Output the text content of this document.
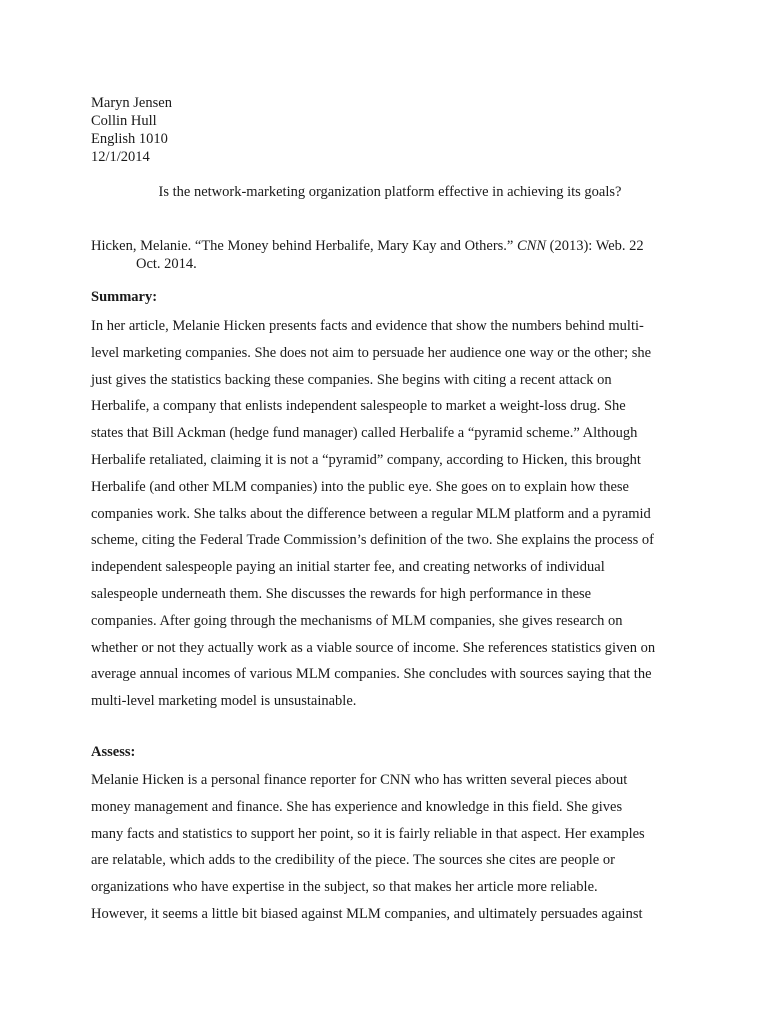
Maryn Jensen
Collin Hull
English 1010
12/1/2014
Is the network-marketing organization platform effective in achieving its goals?
Hicken, Melanie. “The Money behind Herbalife, Mary Kay and Others.” CNN (2013): Web. 22
Oct. 2014.
Summary:
In her article, Melanie Hicken presents facts and evidence that show the numbers behind multi-
level marketing companies. She does not aim to persuade her audience one way or the other; she
just gives the statistics backing these companies. She begins with citing a recent attack on
Herbalife, a company that enlists independent salespeople to market a weight-loss drug. She
states that Bill Ackman (hedge fund manager) called Herbalife a “pyramid scheme.” Although
Herbalife retaliated, claiming it is not a “pyramid” company, according to Hicken, this brought
Herbalife (and other MLM companies) into the public eye. She goes on to explain how these
companies work. She talks about the difference between a regular MLM platform and a pyramid
scheme, citing the Federal Trade Commission’s definition of the two. She explains the process of
independent salespeople paying an initial starter fee, and creating networks of individual
salespeople underneath them. She discusses the rewards for high performance in these
companies. After going through the mechanisms of MLM companies, she gives research on
whether or not they actually work as a viable source of income. She references statistics given on
average annual incomes of various MLM companies. She concludes with sources saying that the
multi-level marketing model is unsustainable.
Assess:
Melanie Hicken is a personal finance reporter for CNN who has written several pieces about
money management and finance. She has experience and knowledge in this field. She gives
many facts and statistics to support her point, so it is fairly reliable in that aspect. Her examples
are relatable, which adds to the credibility of the piece. The sources she cites are people or
organizations who have expertise in the subject, so that makes her article more reliable.
However, it seems a little bit biased against MLM companies, and ultimately persuades against
